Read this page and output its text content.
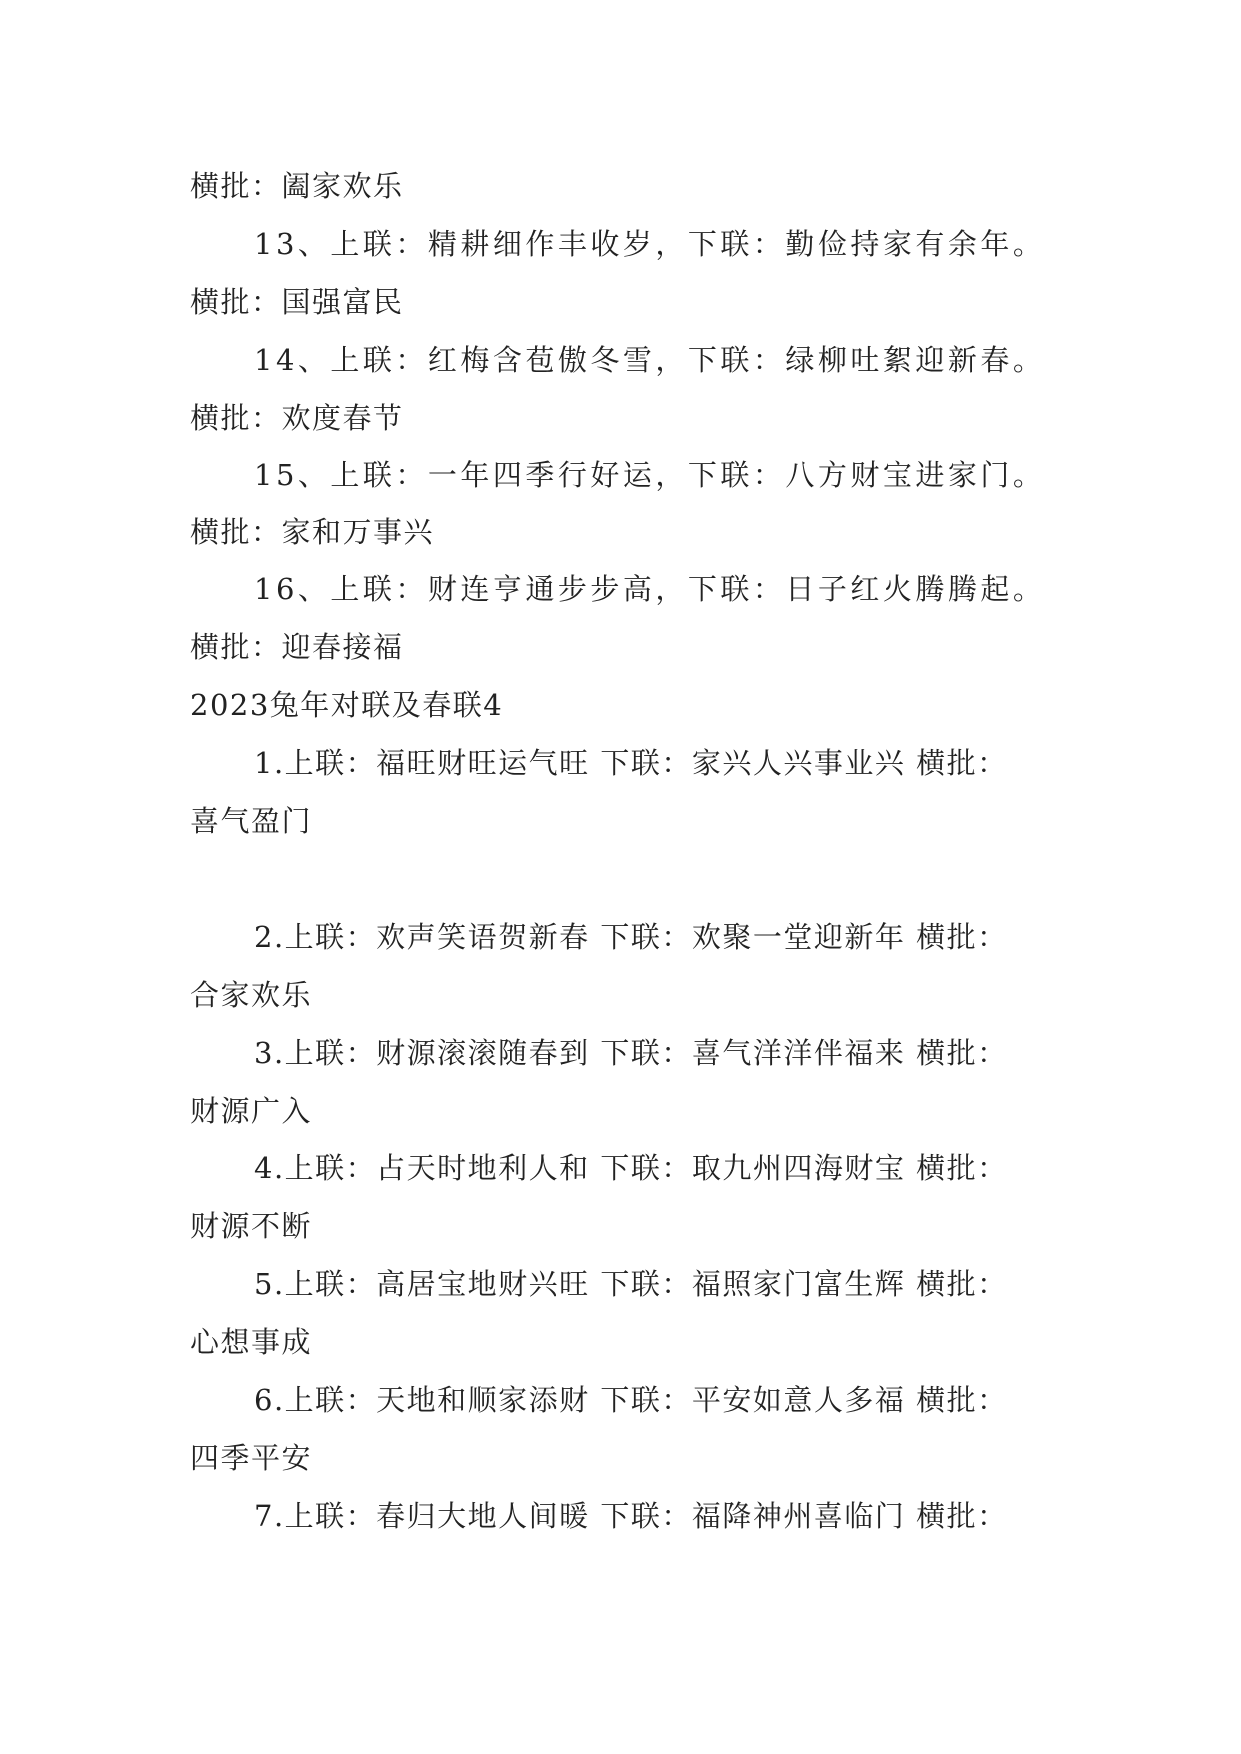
横批：阖家欢乐
13、上联：精耕细作丰收岁，下联：勤俭持家有余年。
横批：国强富民
14、上联：红梅含苞傲冬雪，下联：绿柳吐絮迎新春。
横批：欢度春节
15、上联：一年四季行好运，下联：八方财宝进家门。
横批：家和万事兴
16、上联：财连亨通步步高，下联：日子红火腾腾起。
横批：迎春接福
2023兔年对联及春联4
1.上联：福旺财旺运气旺 下联：家兴人兴事业兴 横批：
喜气盈门
2.上联：欢声笑语贺新春 下联：欢聚一堂迎新年 横批：
合家欢乐
3.上联：财源滚滚随春到 下联：喜气洋洋伴福来 横批：
财源广入
4.上联：占天时地利人和 下联：取九州四海财宝 横批：
财源不断
5.上联：高居宝地财兴旺 下联：福照家门富生辉 横批：
心想事成
6.上联：天地和顺家添财 下联：平安如意人多福 横批：
四季平安
7.上联：春归大地人间暖 下联：福降神州喜临门 横批：
